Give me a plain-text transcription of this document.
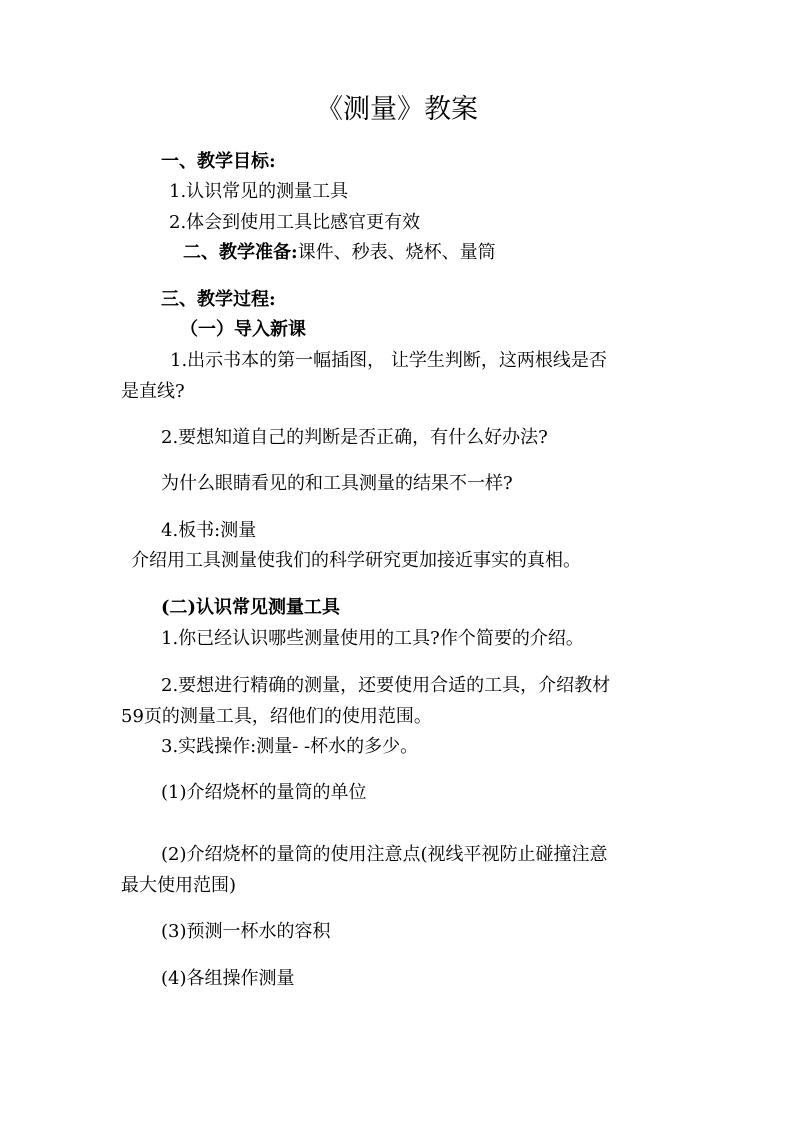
《测量》教案
一、教学目标:
1.认识常见的测量工具
2.体会到使用工具比感官更有效
二、教学准备:课件、秒表、烧杯、量筒
三、教学过程:
（一）导入新课
1.出示书本的第一幅插图， 让学生判断，这两根线是否
是直线?
2.要想知道自己的判断是否正确，有什么好办法?
为什么眼睛看见的和工具测量的结果不一样?
4.板书:测量
介绍用工具测量使我们的科学研究更加接近事实的真相。
(二)认识常见测量工具
1.你已经认识哪些测量使用的工具?作个简要的介绍。
2.要想进行精确的测量，还要使用合适的工具，介绍教材
59页的测量工具，绍他们的使用范围。
3.实践操作:测量- -杯水的多少。
(1)介绍烧杯的量筒的单位
(2)介绍烧杯的量筒的使用注意点(视线平视防止碰撞注意
最大使用范围)
(3)预测一杯水的容积
(4)各组操作测量
